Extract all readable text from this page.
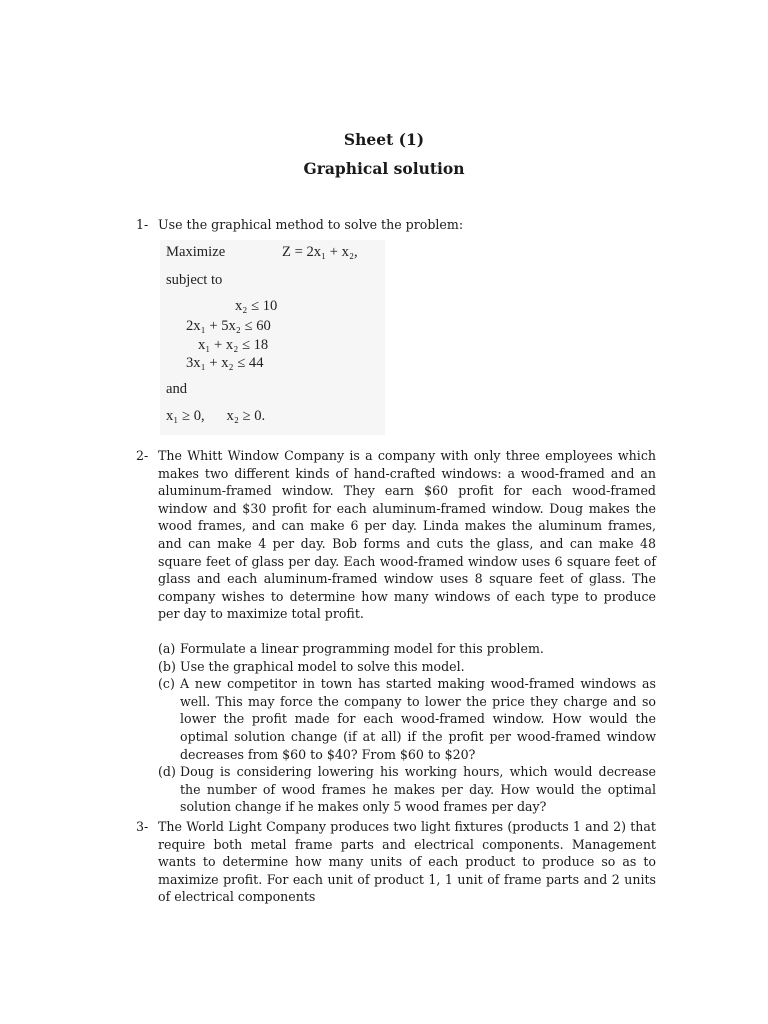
Sheet (1)
Graphical solution
1- Use the graphical method to solve the problem:
Maximize	Z = 2x₁ + x₂,
subject to
x₂ ≤ 10
2x₁ + 5x₂ ≤ 60
x₁ + x₂ ≤ 18
3x₁ + x₂ ≤ 44
and
x₁ ≥ 0,      x₂ ≥ 0.
2- The Whitt Window Company is a company with only three employees which makes two different kinds of hand-crafted windows: a wood-framed and an aluminum-framed window. They earn $60 profit for each wood-framed window and $30 profit for each aluminum-framed window. Doug makes the wood frames, and can make 6 per day. Linda makes the aluminum frames, and can make 4 per day. Bob forms and cuts the glass, and can make 48 square feet of glass per day. Each wood-framed window uses 6 square feet of glass and each aluminum-framed window uses 8 square feet of glass. The company wishes to determine how many windows of each type to produce per day to maximize total profit.
(a) Formulate a linear programming model for this problem.
(b) Use the graphical model to solve this model.
(c) A new competitor in town has started making wood-framed windows as well. This may force the company to lower the price they charge and so lower the profit made for each wood-framed window. How would the optimal solution change (if at all) if the profit per wood-framed window decreases from $60 to $40? From $60 to $20?
(d) Doug is considering lowering his working hours, which would decrease the number of wood frames he makes per day. How would the optimal solution change if he makes only 5 wood frames per day?
3- The World Light Company produces two light fixtures (products 1 and 2) that require both metal frame parts and electrical components. Management wants to determine how many units of each product to produce so as to maximize profit. For each unit of product 1, 1 unit of frame parts and 2 units of electrical components
